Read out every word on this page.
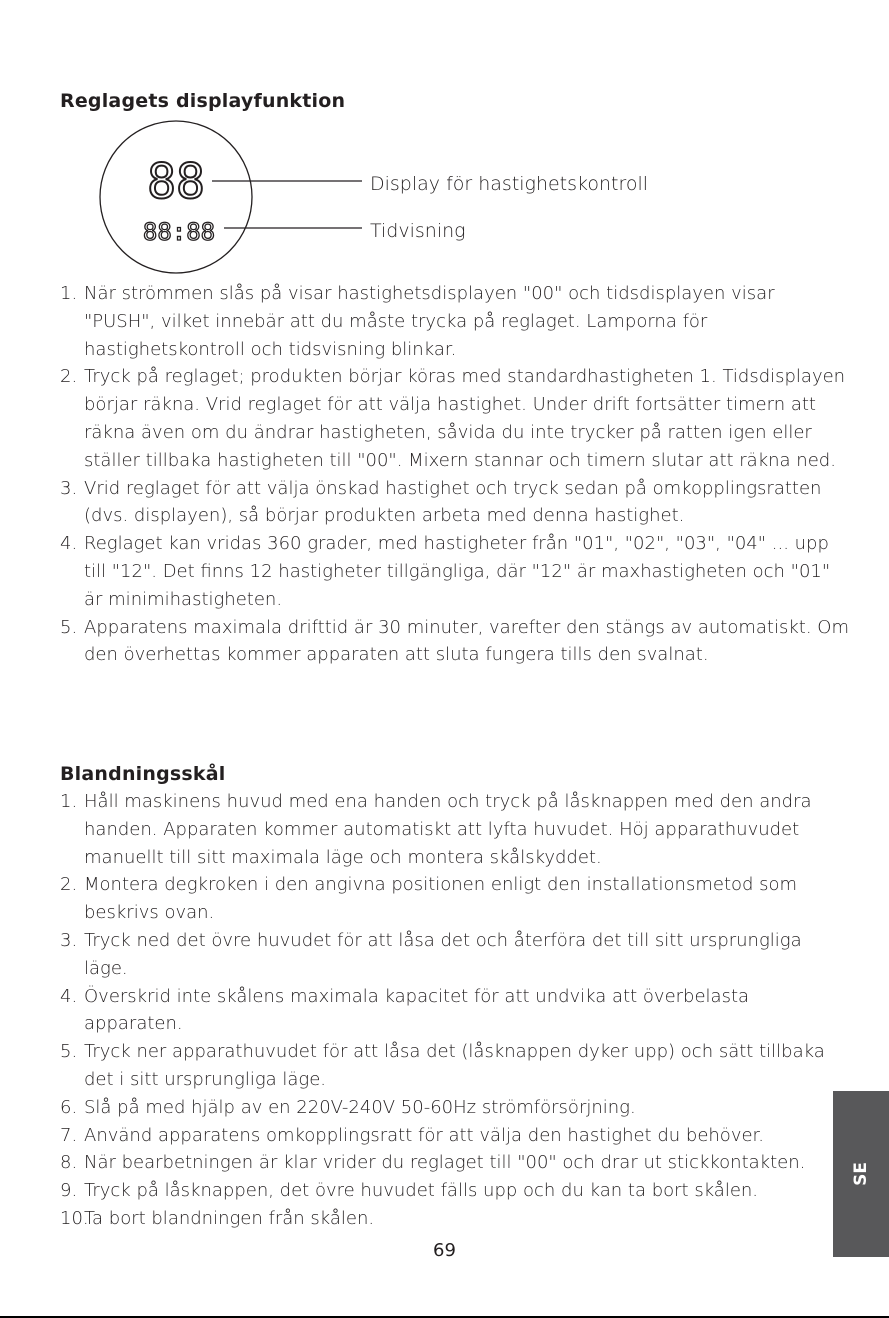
Reglagets displayfunktion
88
88:88
Display för hastighetskontroll
Tidvisning
1. När strömmen slås på visar hastighetsdisplayen "00" och tidsdisplayen visar "PUSH", vilket innebär att du måste trycka på reglaget. Lamporna för hastighetskontroll och tidsvisning blinkar.
2. Tryck på reglaget; produkten börjar köras med standardhastigheten 1. Tidsdisplayen börjar räkna. Vrid reglaget för att välja hastighet. Under drift fortsätter timern att räkna även om du ändrar hastigheten, såvida du inte trycker på ratten igen eller ställer tillbaka hastigheten till "00". Mixern stannar och timern slutar att räkna ned.
3. Vrid reglaget för att välja önskad hastighet och tryck sedan på omkopplingsratten (dvs. displayen), så börjar produkten arbeta med denna hastighet.
4. Reglaget kan vridas 360 grader, med hastigheter från "01", "02", "03", "04" ... upp till "12". Det finns 12 hastigheter tillgängliga, där "12" är maxhastigheten och "01" är minimihastigheten.
5. Apparatens maximala drifttid är 30 minuter, varefter den stängs av automatiskt. Om den överhettas kommer apparaten att sluta fungera tills den svalnat.
Blandningsskål
1. Håll maskinens huvud med ena handen och tryck på låsknappen med den andra handen. Apparaten kommer automatiskt att lyfta huvudet. Höj apparathuvudet manuellt till sitt maximala läge och montera skålskyddet.
2. Montera degkroken i den angivna positionen enligt den installationsmetod som beskrivs ovan.
3. Tryck ned det övre huvudet för att låsa det och återföra det till sitt ursprungliga läge.
4. Överskrid inte skålens maximala kapacitet för att undvika att överbelasta apparaten.
5. Tryck ner apparathuvudet för att låsa det (låsknappen dyker upp) och sätt tillbaka det i sitt ursprungliga läge.
6. Slå på med hjälp av en 220V-240V 50-60Hz strömförsörjning.
7. Använd apparatens omkopplingsratt för att välja den hastighet du behöver.
8. När bearbetningen är klar vrider du reglaget till "00" och drar ut stickkontakten.
9. Tryck på låsknappen, det övre huvudet fälls upp och du kan ta bort skålen.
10.Ta bort blandningen från skålen.
69
SE
